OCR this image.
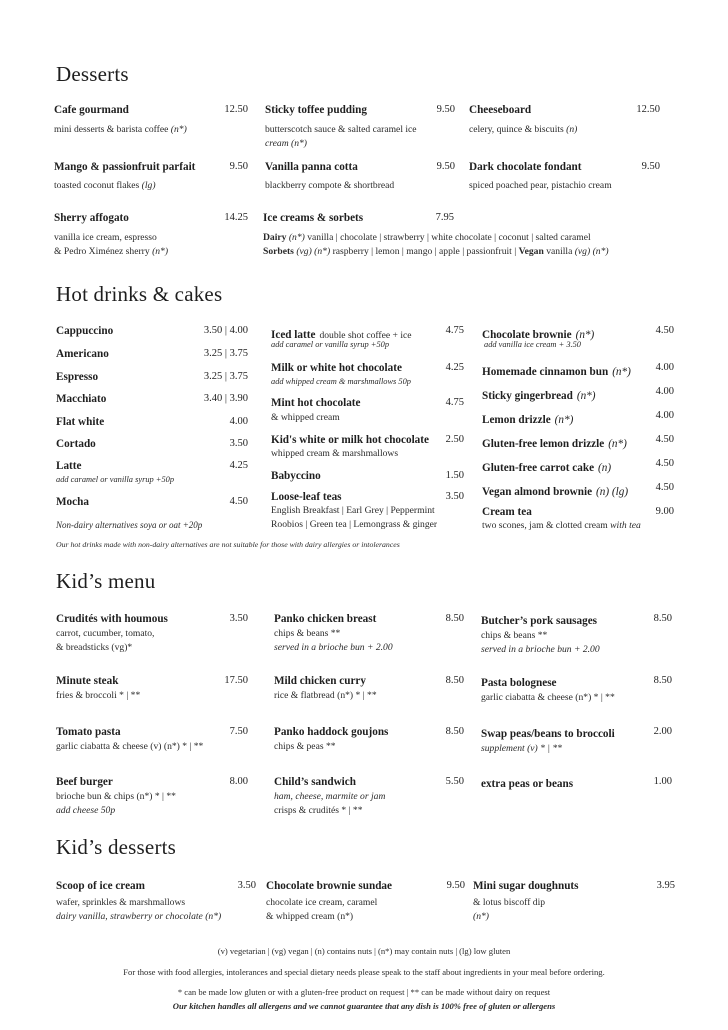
Desserts
Cafe gourmand	12.50
mini desserts & barista coffee (n*)
Sticky toffee pudding	9.50
butterscotch sauce & salted caramel ice
cream (n*)
Cheeseboard	12.50
celery, quince & biscuits (n)
Mango & passionfruit parfait	9.50
toasted coconut flakes (lg)
Vanilla panna cotta	9.50
blackberry compote & shortbread
Dark chocolate fondant	9.50
spiced poached pear, pistachio cream
Sherry affogato	14.25
vanilla ice cream, espresso
& Pedro Ximénez sherry (n*)
Ice creams & sorbets	7.95
Dairy (n*) vanilla | chocolate | strawberry | white chocolate | coconut | salted caramel
Sorbets (vg) (n*) raspberry | lemon | mango | apple | passionfruit | Vegan vanilla (vg) (n*)
Hot drinks & cakes
Cappuccino	3.50 | 4.00
Americano	3.25 | 3.75
Espresso	3.25 | 3.75
Macchiato	3.40 | 3.90
Flat white	4.00
Cortado	3.50
Latte	4.25
add caramel or vanilla syrup +50p
Mocha	4.50
Non-dairy alternatives soya or oat +20p
Iced latte double shot coffee + ice	4.75
add caramel or vanilla syrup +50p
Milk or white hot chocolate	4.25
add whipped cream & marshmallows 50p
Mint hot chocolate	4.75
& whipped cream
Kid's white or milk hot chocolate	2.50
whipped cream & marshmallows
Babyccino	1.50
Loose-leaf teas	3.50
English Breakfast | Earl Grey | Peppermint
Roobios | Green tea | Lemongrass & ginger
Chocolate brownie (n*)	4.50
add vanilla ice cream + 3.50
Homemade cinnamon bun (n*)	4.00
Sticky gingerbread (n*)	4.00
Lemon drizzle (n*)	4.00
Gluten-free lemon drizzle (n*)	4.50
Gluten-free carrot cake (n)	4.50
Vegan almond brownie (n) (lg)	4.50
Cream tea	9.00
two scones, jam & clotted cream with tea
Our hot drinks made with non-dairy alternatives are not suitable for those with dairy allergies or intolerances
Kid’s menu
Crudités with houmous	3.50
carrot, cucumber, tomato,
& breadsticks (vg)*
Panko chicken breast	8.50
chips & beans **
served in a brioche bun + 2.00
Butcher’s pork sausages	8.50
chips & beans **
served in a brioche bun + 2.00
Minute steak	17.50
fries & broccoli * | **
Mild chicken curry	8.50
rice & flatbread (n*) * | **
Pasta bolognese	8.50
garlic ciabatta & cheese (n*) * | **
Tomato pasta	7.50
garlic ciabatta & cheese (v) (n*) * | **
Panko haddock goujons	8.50
chips & peas **
Swap peas/beans to broccoli	2.00
supplement (v) * | **
Beef burger	8.00
brioche bun & chips (n*) * | **
add cheese 50p
Child’s sandwich	5.50
ham, cheese, marmite or jam
crisps & crudités * | **
extra peas or beans	1.00
Kid’s desserts
Scoop of ice cream	3.50
wafer, sprinkles & marshmallows
dairy vanilla, strawberry or chocolate (n*)
Chocolate brownie sundae	9.50
chocolate ice cream, caramel
& whipped cream (n*)
Mini sugar doughnuts	3.95
& lotus biscoff dip
(n*)
(v) vegetarian | (vg) vegan | (n) contains nuts | (n*) may contain nuts | (lg) low gluten
For those with food allergies, intolerances and special dietary needs please speak to the staff about ingredients in your meal before ordering.
* can be made low gluten or with a gluten-free product on request | ** can be made without dairy on request
Our kitchen handles all allergens and we cannot guarantee that any dish is 100% free of gluten or allergens
